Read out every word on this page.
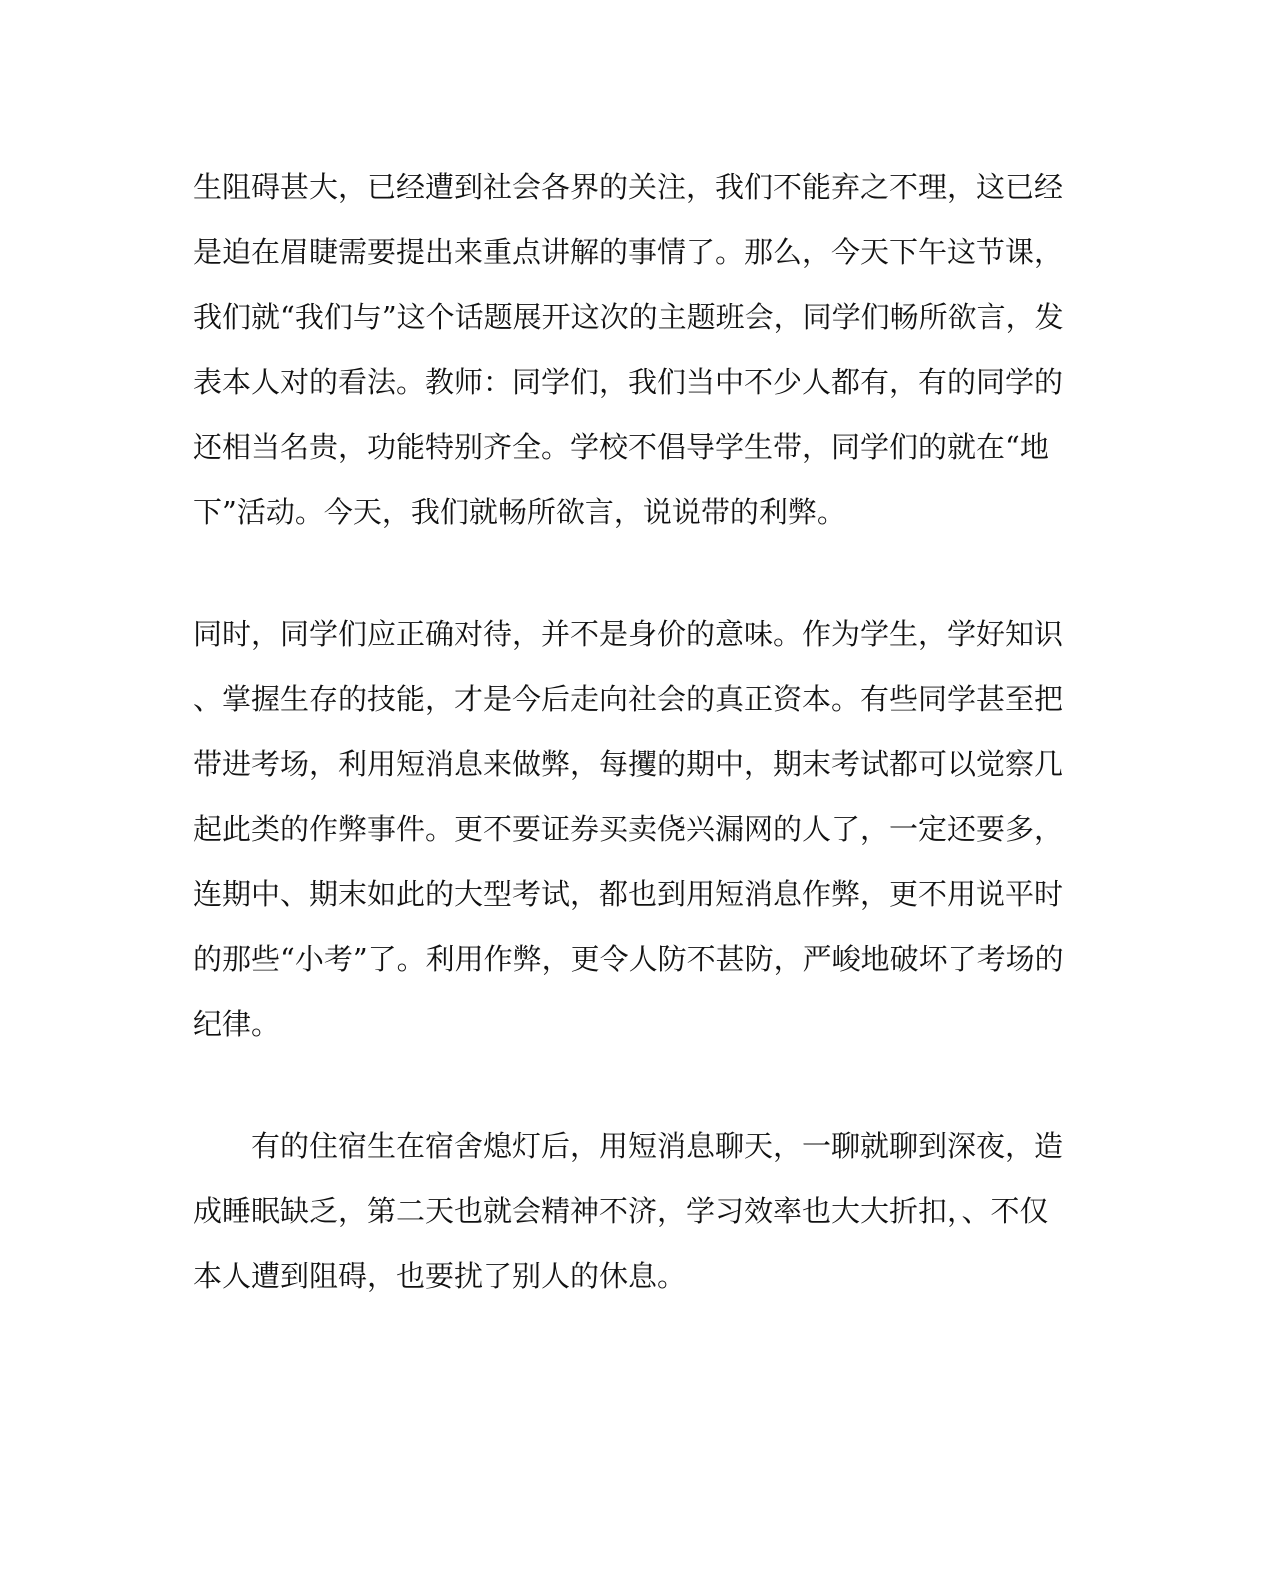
生阻碍甚大，已经遭到社会各界的关注，我们不能弃之不理，这已经
是迫在眉睫需要提出来重点讲解的事情了。那么，今天下午这节课，
我们就“我们与”这个话题展开这次的主题班会，同学们畅所欲言，发
表本人对的看法。教师：同学们，我们当中不少人都有，有的同学的
还相当名贵，功能特别齐全。学校不倡导学生带，同学们的就在“地
下”活动。今天，我们就畅所欲言，说说带的利弊。
同时，同学们应正确对待，并不是身价的意味。作为学生，学好知识
、掌握生存的技能，才是今后走向社会的真正资本。有些同学甚至把
带进考场，利用短消息来做弊，每攫的期中，期末考试都可以觉察几
起此类的作弊事件。更不要证券买卖侥兴漏网的人了，一定还要多，
连期中、期末如此的大型考试，都也到用短消息作弊，更不用说平时
的那些“小考”了。利用作弊，更令人防不甚防，严峻地破坏了考场的
纪律。
有的住宿生在宿舍熄灯后，用短消息聊天，一聊就聊到深夜，造
成睡眠缺乏，第二天也就会精神不济，学习效率也大大折扣，、不仅
本人遭到阻碍，也要扰了别人的休息。
